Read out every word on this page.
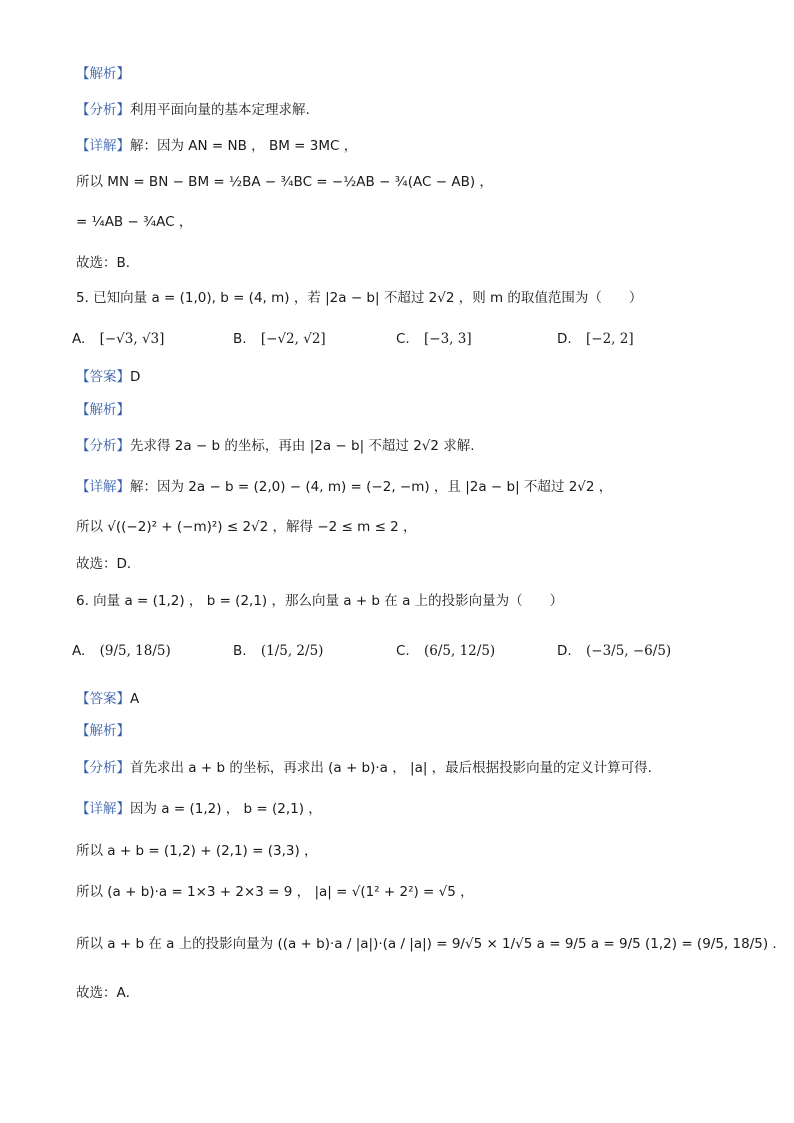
【解析】
【分析】利用平面向量的基本定理求解.
【详解】解：因为 AN = NB ， BM = 3MC ，
所以 MN = BN − BM = ½BA − ¾BC = −½AB − ¾(AC − AB) ，
= ¼AB − ¾AC ，
故选：B．
5. 已知向量 a = (1,0), b = (4, m) ，若 |2a − b| 不超过 2√2 ，则 m 的取值范围为（　　）
A. [−√3, √3]	B. [−√2, √2]	C. [−3, 3]	D. [−2, 2]
【答案】D
【解析】
【分析】先求得 2a − b 的坐标，再由 |2a − b| 不超过 2√2 求解.
【详解】解：因为 2a − b = (2,0) − (4, m) = (−2, −m) ，且 |2a − b| 不超过 2√2 ，
所以 √((−2)² + (−m)²) ≤ 2√2 ，解得 −2 ≤ m ≤ 2 ，
故选：D．
6. 向量 a = (1,2) ， b = (2,1) ，那么向量 a + b 在 a 上的投影向量为（　　）
A. (9/5, 18/5)	B. (1/5, 2/5)	C. (6/5, 12/5)	D. (−3/5, −6/5)
【答案】A
【解析】
【分析】首先求出 a + b 的坐标，再求出 (a + b)·a ， |a| ，最后根据投影向量的定义计算可得.
【详解】因为 a = (1,2) ， b = (2,1) ，
所以 a + b = (1,2) + (2,1) = (3,3) ，
所以 (a + b)·a = 1×3 + 2×3 = 9 ， |a| = √(1² + 2²) = √5 ，
所以 a + b 在 a 上的投影向量为 ((a + b)·a / |a|)·(a / |a|) = 9/√5 × 1/√5 a = 9/5 a = 9/5 (1,2) = (9/5, 18/5) .
故选：A．
